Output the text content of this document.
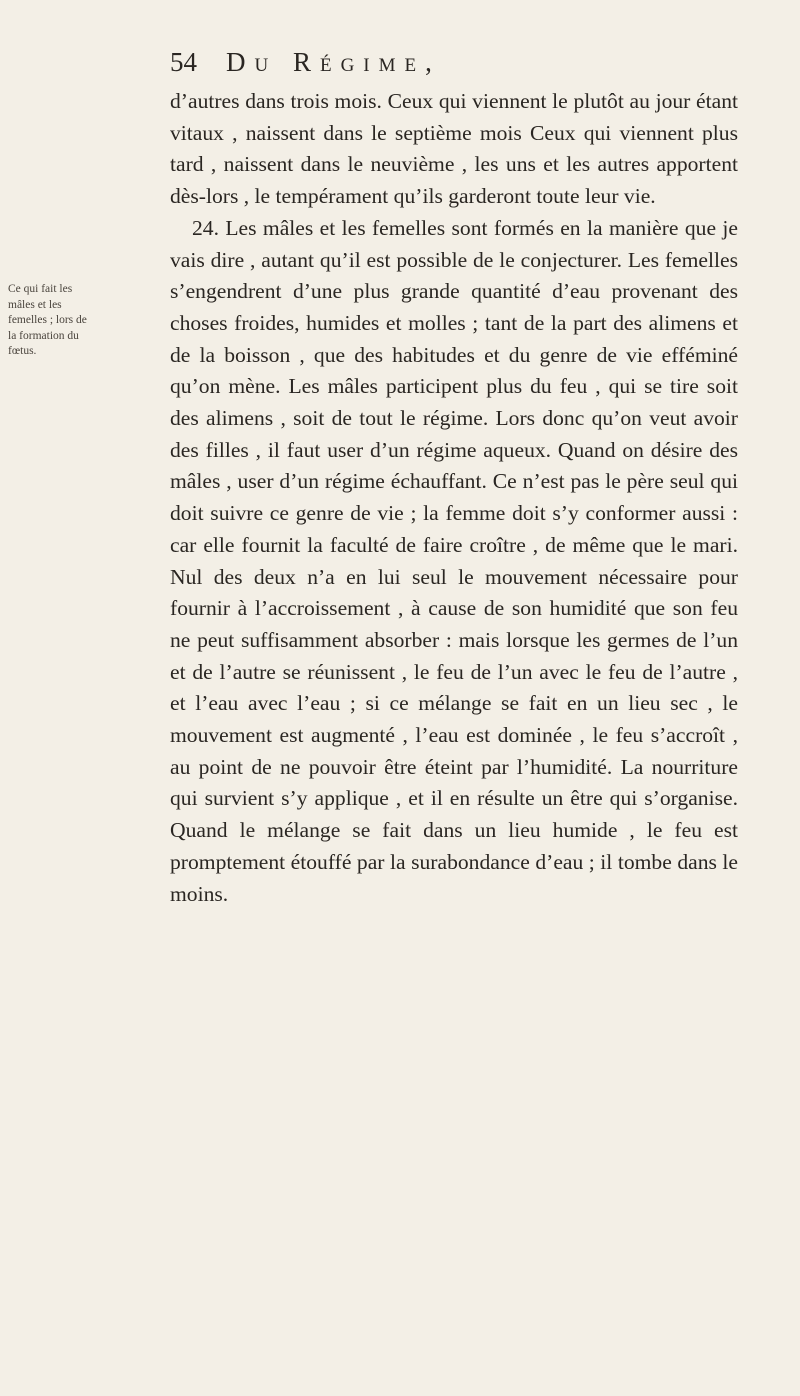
54 Du Régime,
Ce qui fait les mâles et les femelles ; lors de la formation du fœtus.

d’autres dans trois mois. Ceux qui viennent le plutôt au jour étant vitaux , naissent dans le septième mois Ceux qui viennent plus tard , naissent dans le neuvième , les uns et les autres apportent dès-lors , le tempérament qu’ils garderont toute leur vie.

24. Les mâles et les femelles sont formés en la manière que je vais dire , autant qu’il est possible de le conjecturer. Les femelles s’engendrent d’une plus grande quantité d’eau provenant des choses froides, humides et molles ; tant de la part des alimens et de la boisson , que des habitudes et du genre de vie efféminé qu’on mène. Les mâles participent plus du feu , qui se tire soit des alimens , soit de tout le régime. Lors donc qu’on veut avoir des filles , il faut user d’un régime aqueux. Quand on désire des mâles , user d’un régime échauffant. Ce n’est pas le père seul qui doit suivre ce genre de vie ; la femme doit s’y conformer aussi : car elle fournit la faculté de faire croître , de même que le mari. Nul des deux n’a en lui seul le mouvement nécessaire pour fournir à l’accroissement , à cause de son humidité que son feu ne peut suffisamment absorber : mais lorsque les germes de l’un et de l’autre se réunissent , le feu de l’un avec le feu de l’autre , et l’eau avec l’eau ; si ce mélange se fait en un lieu sec , le mouvement est augmenté , l’eau est dominée , le feu s’accroît , au point de ne pouvoir être éteint par l’humidité. La nourriture qui survient s’y applique , et il en résulte un être qui s’organise. Quand le mélange se fait dans un lieu humide , le feu est promptement étouffé par la surabondance d’eau ; il tombe dans le moins.
